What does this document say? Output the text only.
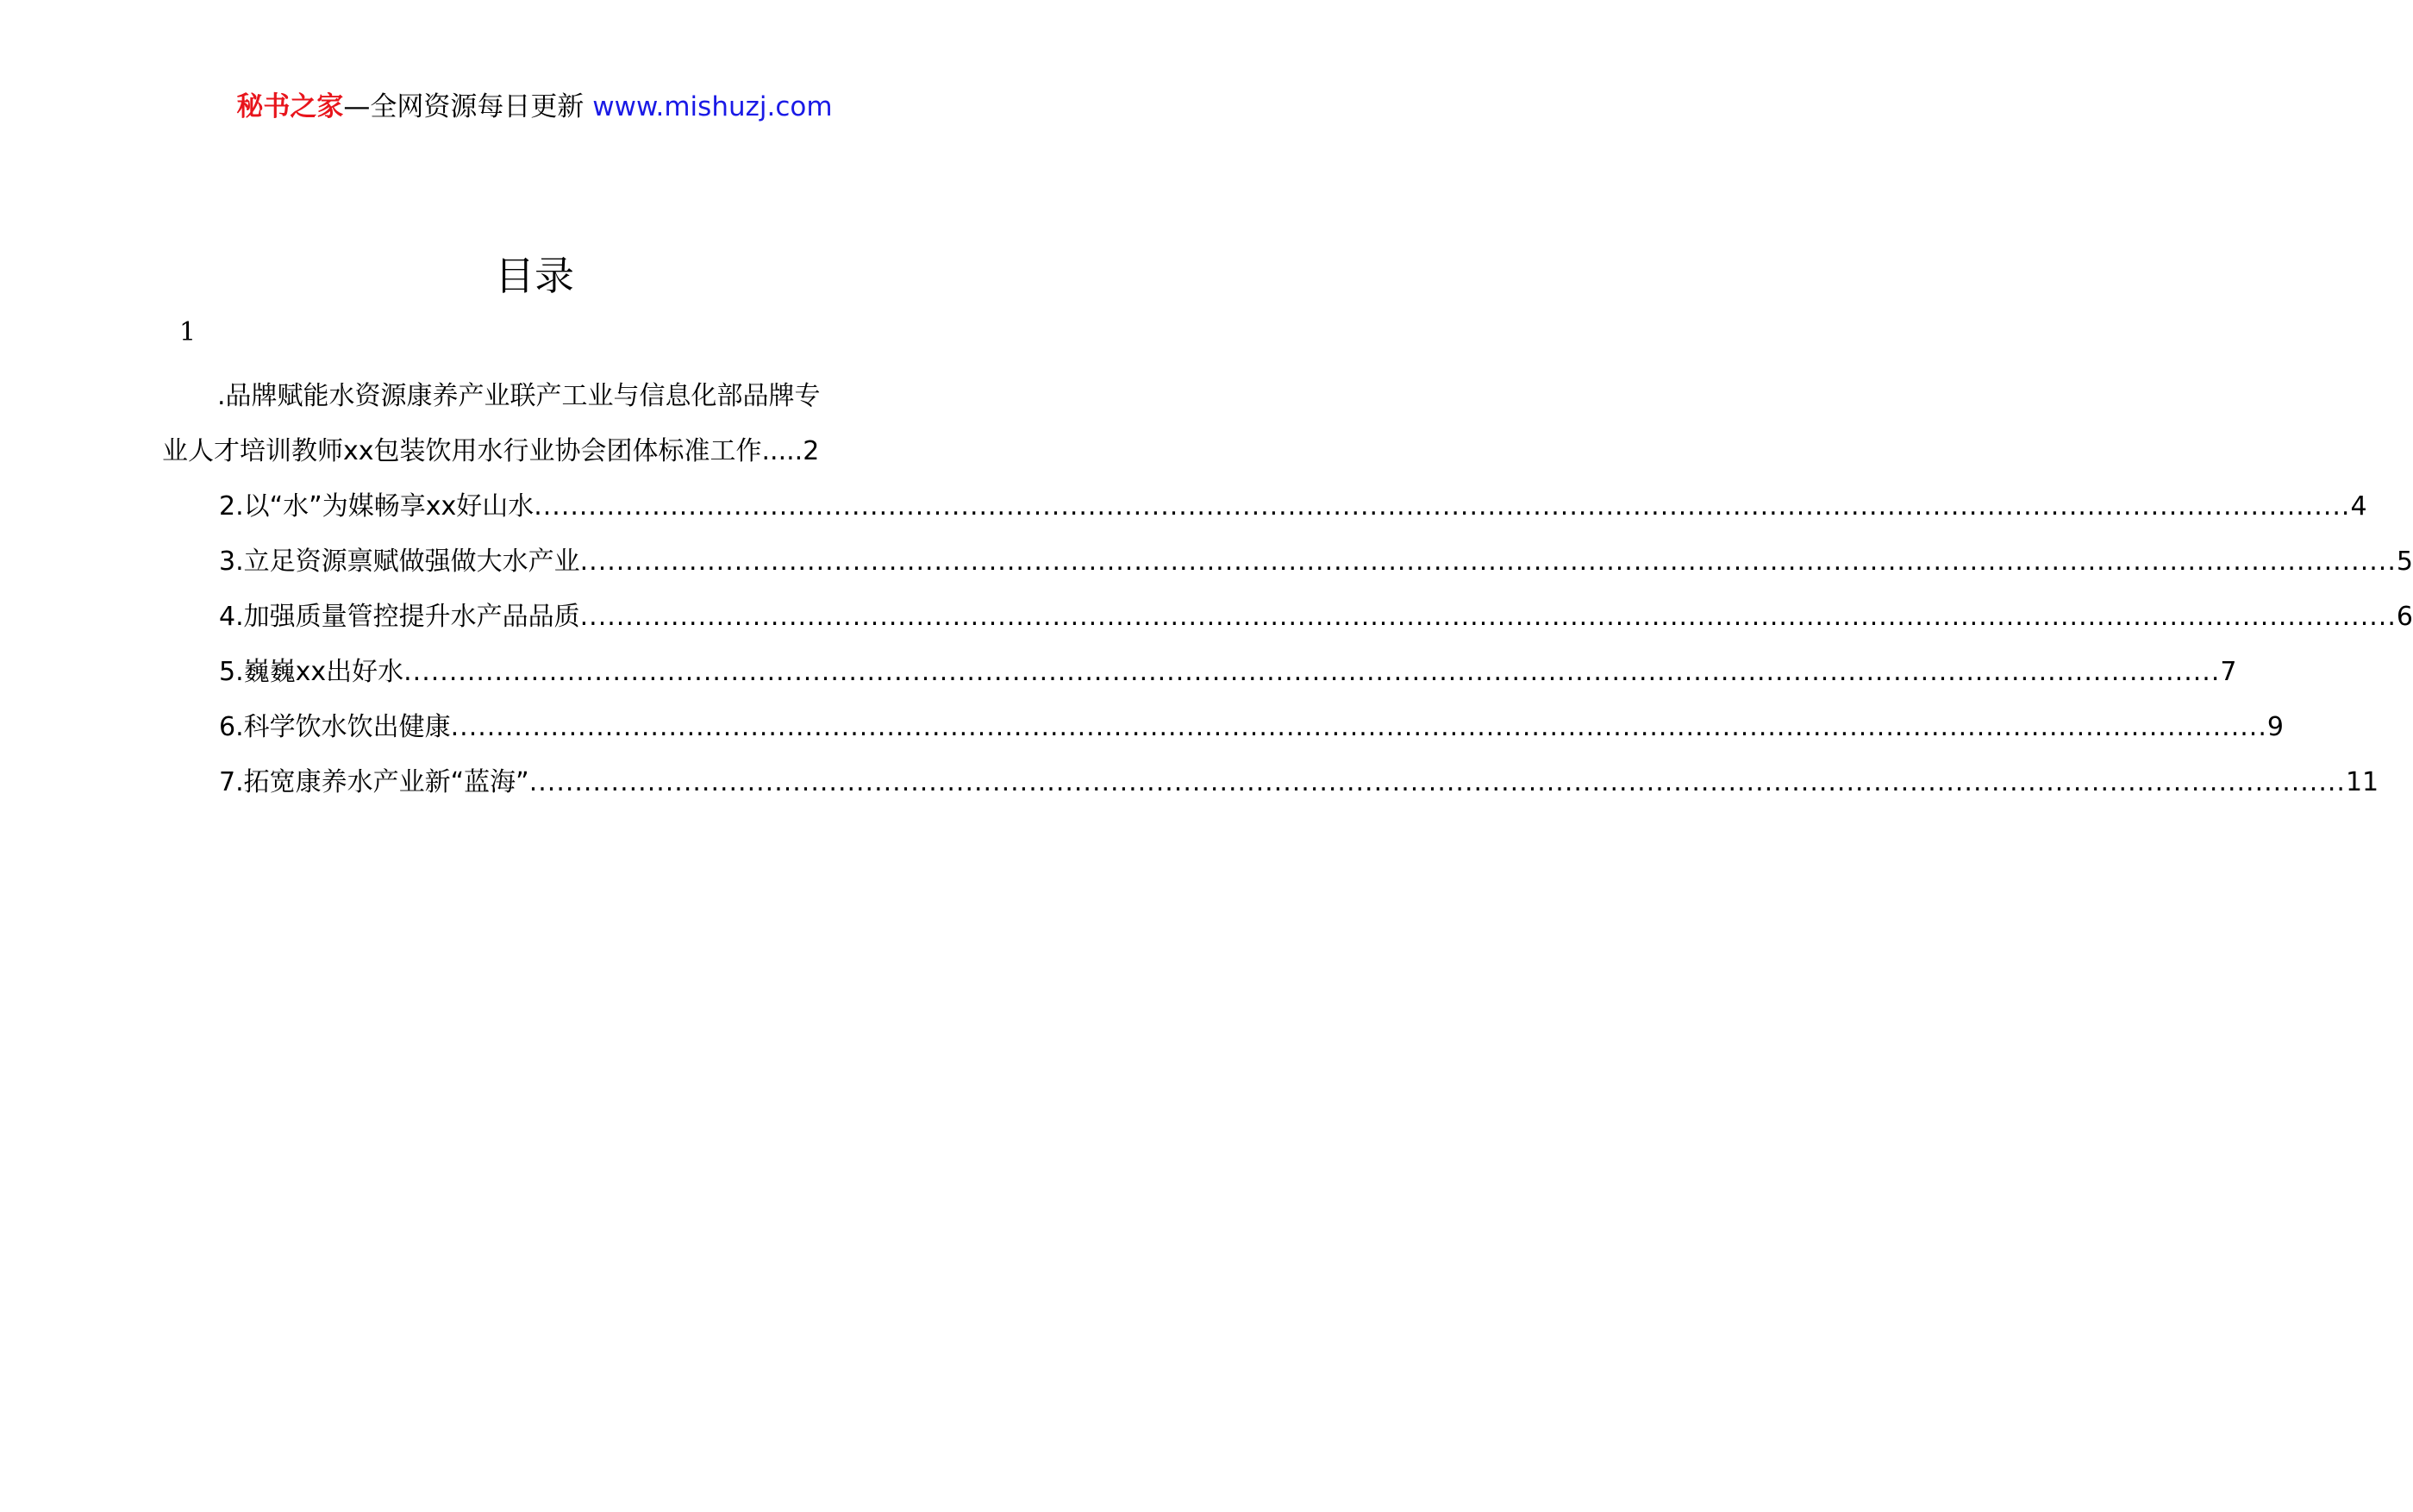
秘书之家—全网资源每日更新 www.mishuzj.com
目录
1
.品牌赋能水资源康养产业联产工业与信息化部品牌专
业人才培训教师xx包装饮用水行业协会团体标准工作 ..... 2
2.以“水”为媒畅享xx好山水 ........................................................................................................................................................................................................ 4
3.立足资源禀赋做强做大水产业 ........................................................................................................................................................................................................ 5
4.加强质量管控提升水产品品质 ........................................................................................................................................................................................................ 6
5.巍巍xx出好水 ........................................................................................................................................................................................................ 7
6.科学饮水饮出健康 ........................................................................................................................................................................................................ 9
7.拓宽康养水产业新“蓝海” ........................................................................................................................................................................................................ 11
